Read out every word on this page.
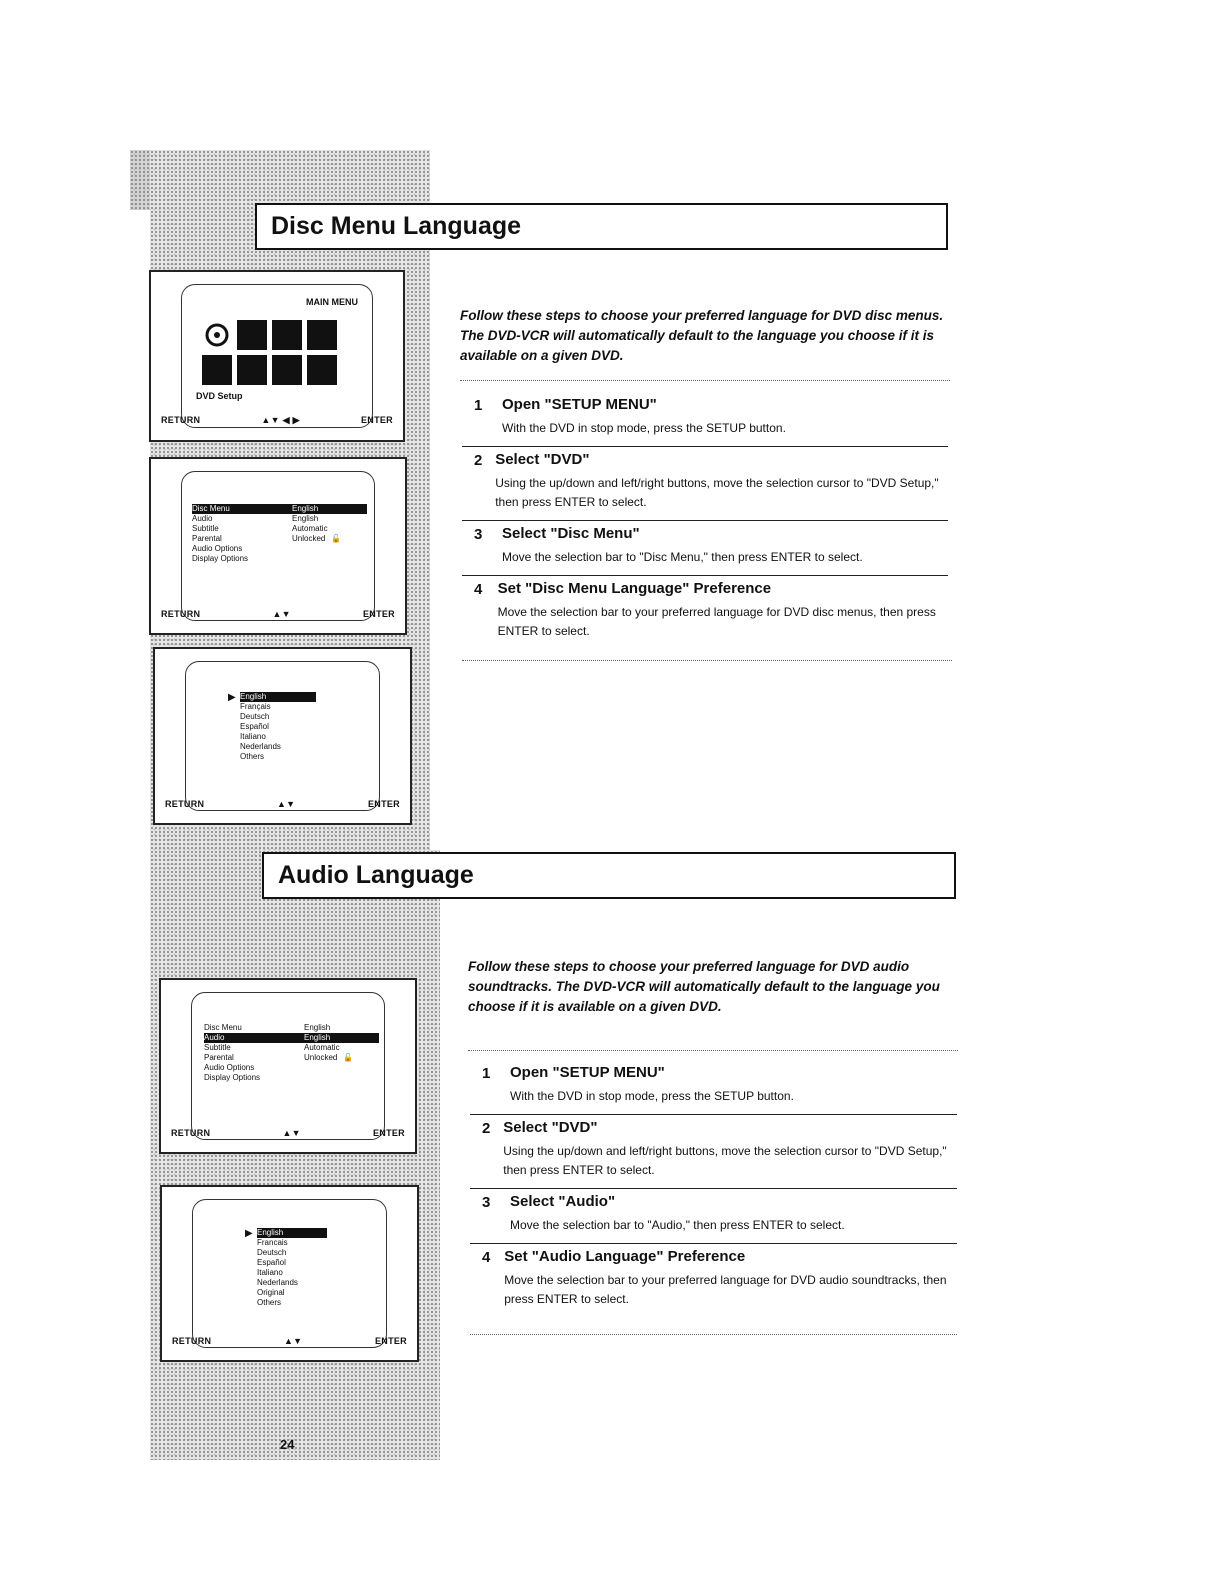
Disc Menu Language
MAIN MENU
DVD Setup
RETURN	▲▼ ◀ ▶	ENTER
Disc Menu	English
Audio	English
Subtitle	Automatic
Parental	Unlocked 🔓
Audio Options
Display Options
RETURN	▲▼	ENTER
▶ English
Français
Deutsch
Español
Italiano
Nederlands
Others
RETURN	▲▼	ENTER
Follow these steps to choose your preferred language for DVD disc menus. The DVD-VCR will automatically default to the language you choose if it is available on a given DVD.
1	Open "SETUP MENU"
With the DVD in stop mode, press the SETUP button.
2 Select "DVD"
Using the up/down and left/right buttons, move the selection cursor to "DVD Setup," then press ENTER to select.
3	Select "Disc Menu"
Move the selection bar to "Disc Menu," then press ENTER to select.
4	Set "Disc Menu Language" Preference
Move the selection bar to your preferred language for DVD disc menus, then press ENTER to select.
Audio Language
Disc Menu	English
Audio	English
Subtitle	Automatic
Parental	Unlocked 🔓
Audio Options
Display Options
RETURN	▲▼	ENTER
▶ English
Francais
Deutsch
Español
Italiano
Nederlands
Original
Others
RETURN	▲▼	ENTER
Follow these steps to choose your preferred language for DVD audio soundtracks. The DVD-VCR will automatically default to the language you choose if it is available on a given DVD.
1	Open "SETUP MENU"
With the DVD in stop mode, press the SETUP button.
2 Select "DVD"
Using the up/down and left/right buttons, move the selection cursor to "DVD Setup," then press ENTER to select.
3	Select "Audio"
Move the selection bar to "Audio," then press ENTER to select.
4 Set "Audio Language" Preference
Move the selection bar to your preferred language for DVD audio soundtracks, then press ENTER to select.
24
